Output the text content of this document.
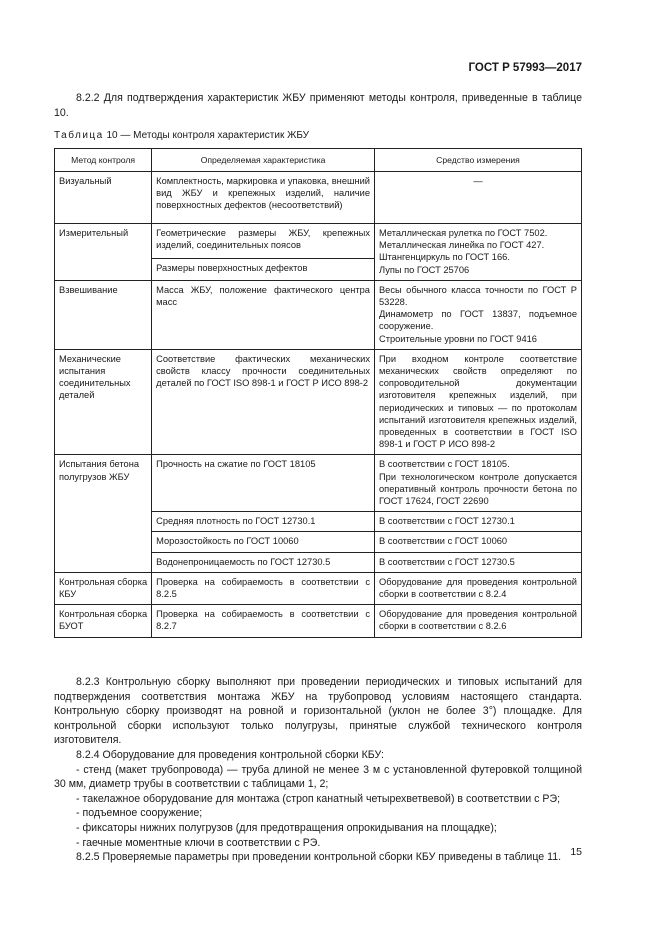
ГОСТ Р 57993—2017
8.2.2 Для подтверждения характеристик ЖБУ применяют методы контроля, приведенные в таблице 10.
Таблица 10 — Методы контроля характеристик ЖБУ
Метод контроля	Определяемая характеристика	Средство измерения
Визуальный	Комплектность, маркировка и упаковка, внешний вид ЖБУ и крепежных изделий, наличие поверхностных дефектов (несоответствий)	—
Измерительный	Геометрические размеры ЖБУ, крепежных изделий, соединительных поясов	Металлическая рулетка по ГОСТ 7502.
Металлическая линейка по ГОСТ 427.
Штангенциркуль по ГОСТ 166.
Лупы по ГОСТ 25706
	Размеры поверхностных дефектов	
Взвешивание	Масса ЖБУ, положение фактического центра масс	Весы обычного класса точности по ГОСТ Р 53228.
Динамометр по ГОСТ 13837, подъемное сооружение.
Строительные уровни по ГОСТ 9416
Механические испытания соединительных деталей	Соответствие фактических механических свойств классу прочности соединительных деталей по ГОСТ ISO 898-1 и ГОСТ Р ИСО 898-2	При входном контроле соответствие механических свойств определяют по сопроводительной документации изготовителя крепежных изделий, при периодических и типовых — по протоколам испытаний изготовителя крепежных изделий, проведенных в соответствии в ГОСТ ISO 898-1 и ГОСТ Р ИСО 898-2
Испытания бетона полугрузов ЖБУ	Прочность на сжатие по ГОСТ 18105	В соответствии с ГОСТ 18105.
При технологическом контроле допускается оперативный контроль прочности бетона по ГОСТ 17624, ГОСТ 22690
	Средняя плотность по ГОСТ 12730.1	В соответствии с ГОСТ 12730.1
	Морозостойкость по ГОСТ 10060	В соответствии с ГОСТ 10060
	Водонепроницаемость по ГОСТ 12730.5	В соответствии с ГОСТ 12730.5
Контрольная сборка КБУ	Проверка на собираемость в соответствии с 8.2.5	Оборудование для проведения контрольной сборки в соответствии с 8.2.4
Контрольная сборка БУОТ	Проверка на собираемость в соответствии с 8.2.7	Оборудование для проведения контрольной сборки в соответствии с 8.2.6
8.2.3 Контрольную сборку выполняют при проведении периодических и типовых испытаний для подтверждения соответствия монтажа ЖБУ на трубопровод условиям настоящего стандарта. Контрольную сборку производят на ровной и горизонтальной (уклон не более 3°) площадке. Для контрольной сборки используют только полугрузы, принятые службой технического контроля изготовителя.
8.2.4 Оборудование для проведения контрольной сборки КБУ:
- стенд (макет трубопровода) — труба длиной не менее 3 м с установленной футеровкой толщиной 30 мм, диаметр трубы в соответствии с таблицами 1, 2;
- такелажное оборудование для монтажа (строп канатный четырехветвевой) в соответствии с РЭ;
- подъемное сооружение;
- фиксаторы нижних полугрузов (для предотвращения опрокидывания на площадке);
- гаечные моментные ключи в соответствии с РЭ.
8.2.5 Проверяемые параметры при проведении контрольной сборки КБУ приведены в таблице 11. 15
